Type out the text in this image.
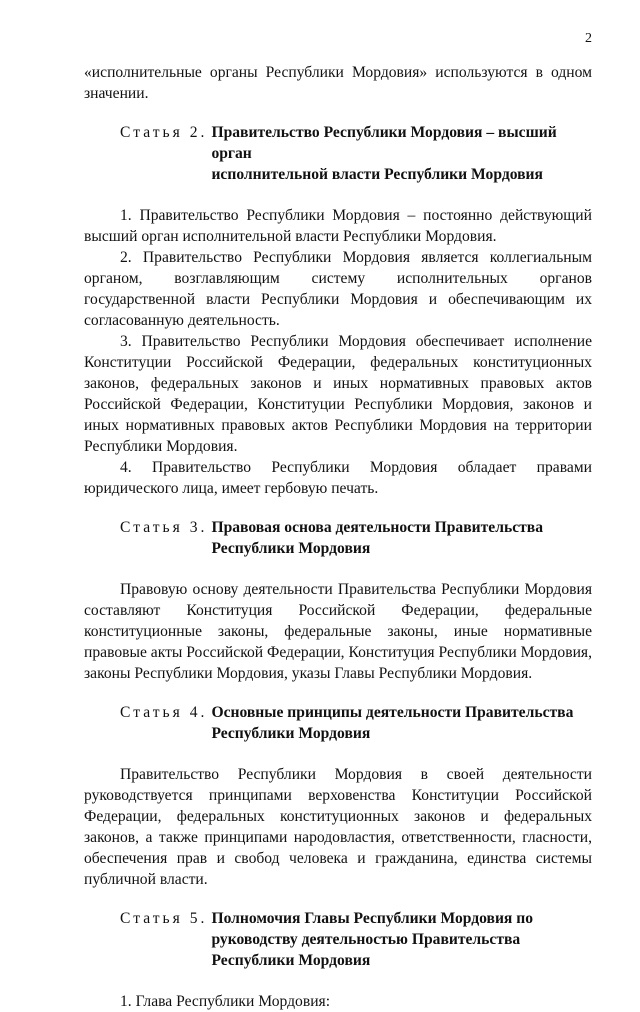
2

«исполнительные органы Республики Мордовия» используются в одном значении.

Статья 2. Правительство Республики Мордовия – высший орган
исполнительной власти Республики Мордовия

1. Правительство Республики Мордовия – постоянно действующий высший орган исполнительной власти Республики Мордовия.

2. Правительство Республики Мордовия является коллегиальным органом, возглавляющим систему исполнительных органов государственной власти Республики Мордовия и обеспечивающим их согласованную деятельность.

3. Правительство Республики Мордовия обеспечивает исполнение Конституции Российской Федерации, федеральных конституционных законов, федеральных законов и иных нормативных правовых актов Российской Федерации, Конституции Республики Мордовия, законов и иных нормативных правовых актов Республики Мордовия на территории Республики Мордовия.

4. Правительство Республики Мордовия обладает правами юридического лица, имеет гербовую печать.

Статья 3. Правовая основа деятельности Правительства
Республики Мордовия

Правовую основу деятельности Правительства Республики Мордовия составляют Конституция Российской Федерации, федеральные конституционные законы, федеральные законы, иные нормативные правовые акты Российской Федерации, Конституция Республики Мордовия, законы Республики Мордовия, указы Главы Республики Мордовия.

Статья 4. Основные принципы деятельности Правительства
Республики Мордовия

Правительство Республики Мордовия в своей деятельности руководствуется принципами верховенства Конституции Российской Федерации, федеральных конституционных законов и федеральных законов, а также принципами народовластия, ответственности, гласности, обеспечения прав и свобод человека и гражданина, единства системы публичной власти.

Статья 5. Полномочия Главы Республики Мордовия по
руководству деятельностью Правительства
Республики Мордовия

1. Глава Республики Мордовия:
